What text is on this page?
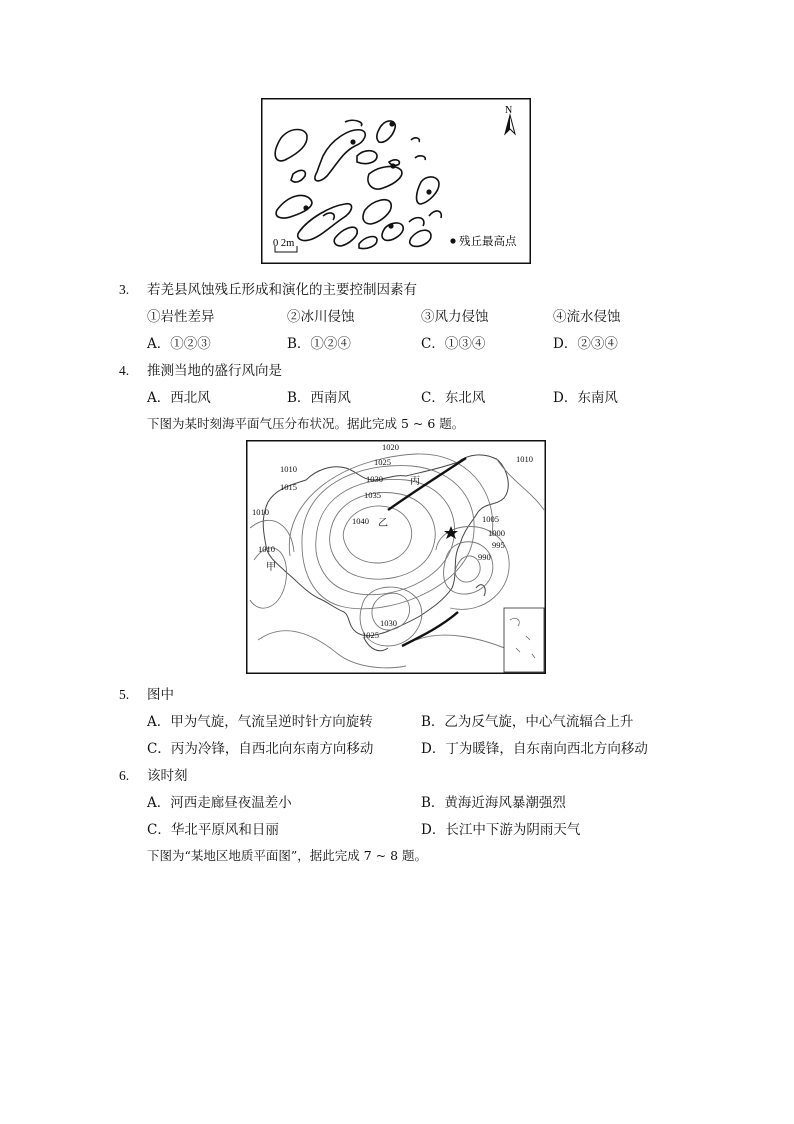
N
0 2m	残丘最高点
3. 若羌县风蚀残丘形成和演化的主要控制因素有
①岩性差异	②冰川侵蚀	③风力侵蚀	④流水侵蚀
A．①②③	B．①②④	C．①③④	D．②③④
4. 推测当地的盛行风向是
A．西北风	B．西南风	C．东北风	D．东南风
下图为某时刻海平面气压分布状况。据此完成 5 ~ 6 题。
1020
1025
1030
1035
1040
1010
1015
1010
1010
1005
1000
995
990
1030
1025
1010
丙
乙
甲
5. 图中
A．甲为气旋，气流呈逆时针方向旋转	B．乙为反气旋，中心气流辐合上升
C．丙为冷锋，自西北向东南方向移动	D．丁为暖锋，自东南向西北方向移动
6. 该时刻
A．河西走廊昼夜温差小	B．黄海近海风暴潮强烈
C．华北平原风和日丽	D．长江中下游为阴雨天气
下图为“某地区地质平面图”，据此完成 7 ~ 8 题。
